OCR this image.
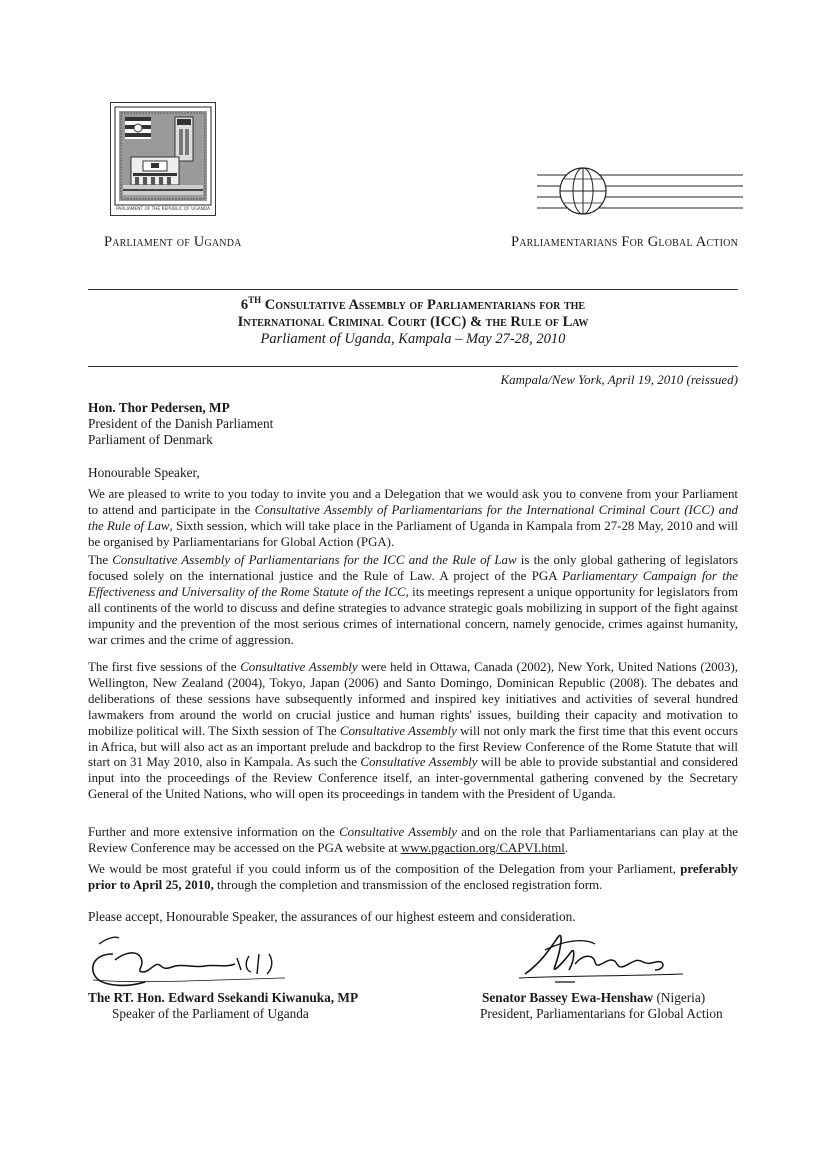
PARLIAMENT OF THE REPUBLIC OF UGANDA
Parliament of Uganda	Parliamentarians For Global Action
6TH Consultative Assembly of Parliamentarians for the
International Criminal Court (ICC) & the Rule of Law
Parliament of Uganda, Kampala – May 27-28, 2010
Kampala/New York, April 19, 2010 (reissued)
Hon. Thor Pedersen, MP
President of the Danish Parliament
Parliament of Denmark
Honourable Speaker,

We are pleased to write to you today to invite you and a Delegation that we would ask you to convene from your Parliament to attend and participate in the Consultative Assembly of Parliamentarians for the International Criminal Court (ICC) and the Rule of Law, Sixth session, which will take place in the Parliament of Uganda in Kampala from 27-28 May, 2010 and will be organised by Parliamentarians for Global Action (PGA).

The Consultative Assembly of Parliamentarians for the ICC and the Rule of Law is the only global gathering of legislators focused solely on the international justice and the Rule of Law. A project of the PGA Parliamentary Campaign for the Effectiveness and Universality of the Rome Statute of the ICC, its meetings represent a unique opportunity for legislators from all continents of the world to discuss and define strategies to advance strategic goals mobilizing in support of the fight against impunity and the prevention of the most serious crimes of international concern, namely genocide, crimes against humanity, war crimes and the crime of aggression.

The first five sessions of the Consultative Assembly were held in Ottawa, Canada (2002), New York, United Nations (2003), Wellington, New Zealand (2004), Tokyo, Japan (2006) and Santo Domingo, Dominican Republic (2008). The debates and deliberations of these sessions have subsequently informed and inspired key initiatives and activities of several hundred lawmakers from around the world on crucial justice and human rights' issues, building their capacity and motivation to mobilize political will. The Sixth session of The Consultative Assembly will not only mark the first time that this event occurs in Africa, but will also act as an important prelude and backdrop to the first Review Conference of the Rome Statute that will start on 31 May 2010, also in Kampala. As such the Consultative Assembly will be able to provide substantial and considered input into the proceedings of the Review Conference itself, an inter-governmental gathering convened by the Secretary General of the United Nations, who will open its proceedings in tandem with the President of Uganda.

Further and more extensive information on the Consultative Assembly and on the role that Parliamentarians can play at the Review Conference may be accessed on the PGA website at www.pgaction.org/CAPVI.html.

We would be most grateful if you could inform us of the composition of the Delegation from your Parliament, preferably prior to April 25, 2010, through the completion and transmission of the enclosed registration form.

Please accept, Honourable Speaker, the assurances of our highest esteem and consideration.
The RT. Hon. Edward Ssekandi Kiwanuka, MP
Speaker of the Parliament of Uganda
Senator Bassey Ewa-Henshaw (Nigeria)
President, Parliamentarians for Global Action
